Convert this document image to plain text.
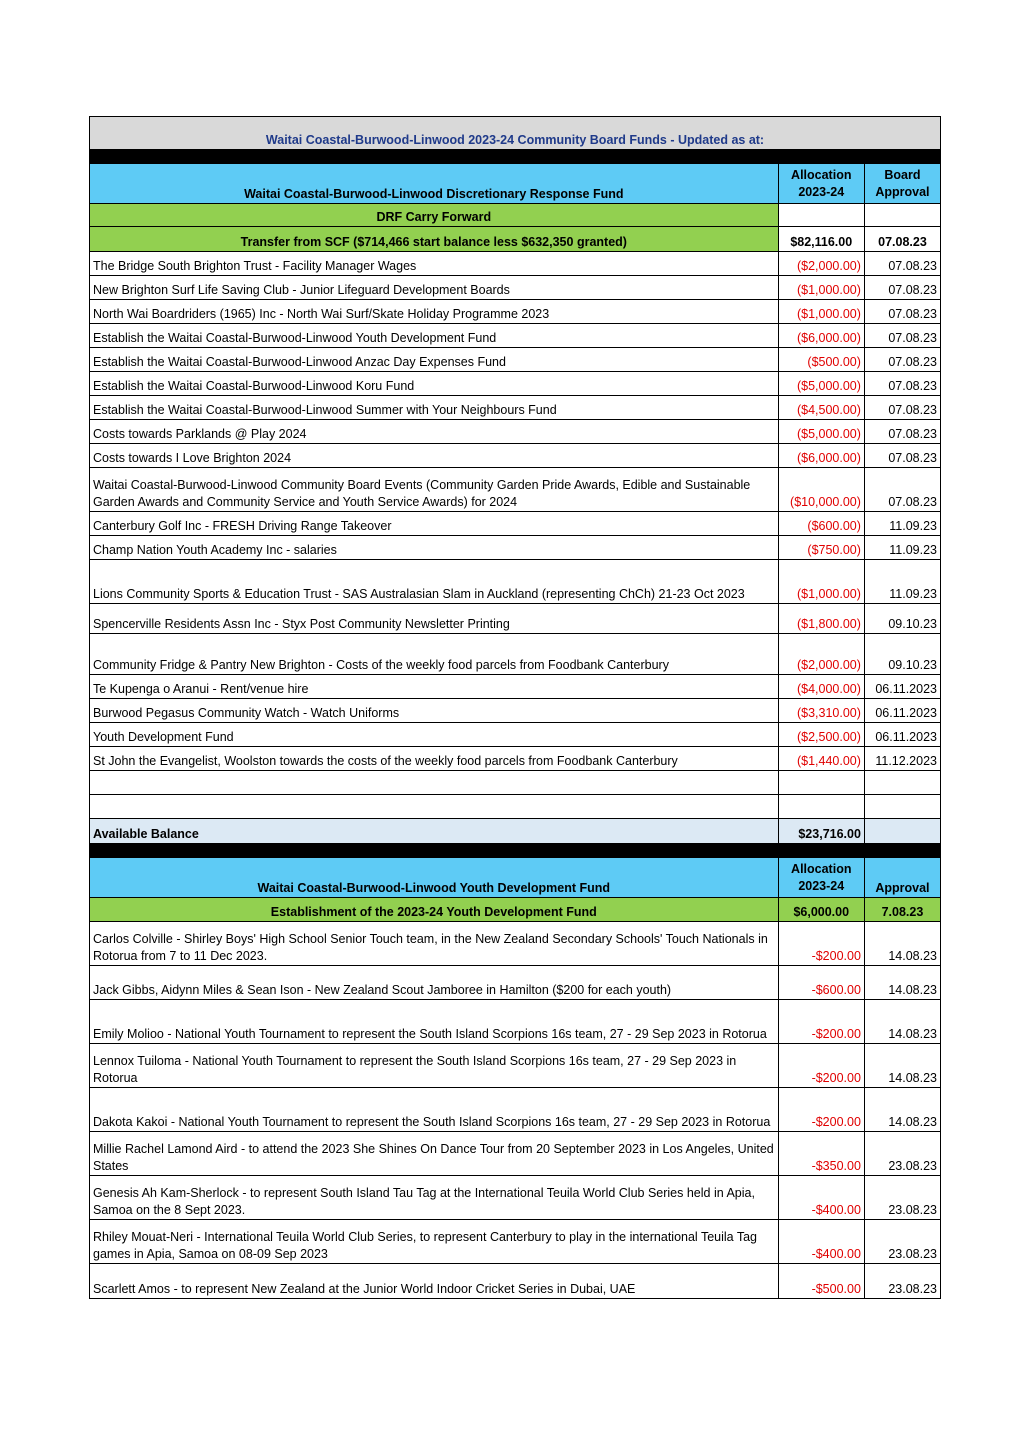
Waitai Coastal-Burwood-Linwood 2023-24 Community Board Funds - Updated as at:		

Waitai Coastal-Burwood-Linwood Discretionary Response Fund	Allocation 2023-24	Board Approval
DRF Carry Forward		
Transfer from SCF ($714,466 start balance less $632,350 granted)	$82,116.00	07.08.23
The Bridge South Brighton Trust - Facility Manager Wages	($2,000.00)	07.08.23
New Brighton Surf Life Saving Club - Junior Lifeguard Development Boards	($1,000.00)	07.08.23
North Wai Boardriders (1965) Inc - North Wai Surf/Skate Holiday Programme 2023	($1,000.00)	07.08.23
Establish the Waitai Coastal-Burwood-Linwood Youth Development Fund	($6,000.00)	07.08.23
Establish the Waitai Coastal-Burwood-Linwood Anzac Day Expenses Fund	($500.00)	07.08.23
Establish the Waitai Coastal-Burwood-Linwood Koru Fund	($5,000.00)	07.08.23
Establish the Waitai Coastal-Burwood-Linwood Summer with Your Neighbours Fund	($4,500.00)	07.08.23
Costs towards Parklands @ Play 2024	($5,000.00)	07.08.23
Costs towards I Love Brighton 2024	($6,000.00)	07.08.23
Waitai Coastal-Burwood-Linwood Community Board Events (Community Garden Pride Awards, Edible and Sustainable Garden Awards and Community Service and Youth Service Awards) for 2024	($10,000.00)	07.08.23
Canterbury Golf Inc - FRESH Driving Range Takeover	($600.00)	11.09.23
Champ Nation Youth Academy Inc - salaries	($750.00)	11.09.23
Lions Community Sports & Education Trust - SAS Australasian Slam in Auckland (representing ChCh) 21-23 Oct 2023	($1,000.00)	11.09.23
Spencerville Residents Assn Inc - Styx Post Community Newsletter Printing	($1,800.00)	09.10.23
Community Fridge & Pantry New Brighton - Costs of the weekly food parcels from Foodbank Canterbury	($2,000.00)	09.10.23
Te Kupenga o Aranui - Rent/venue hire	($4,000.00)	06.11.2023
Burwood Pegasus Community Watch - Watch Uniforms	($3,310.00)	06.11.2023
Youth Development Fund	($2,500.00)	06.11.2023
St John the Evangelist, Woolston towards the costs of the weekly food parcels from Foodbank Canterbury	($1,440.00)	11.12.2023

Available Balance	$23,716.00	

Waitai Coastal-Burwood-Linwood Youth Development Fund	Allocation 2023-24	Approval
Establishment of the 2023-24 Youth Development Fund	$6,000.00	7.08.23
Carlos Colville - Shirley Boys' High School Senior Touch team, in the New Zealand Secondary Schools' Touch Nationals in Rotorua from 7 to 11 Dec 2023.	-$200.00	14.08.23
Jack Gibbs, Aidynn Miles & Sean Ison - New Zealand Scout Jamboree in Hamilton ($200 for each youth)	-$600.00	14.08.23
Emily Molioo - National Youth Tournament to represent the South Island Scorpions 16s team, 27 - 29 Sep 2023 in Rotorua	-$200.00	14.08.23
Lennox Tuiloma - National Youth Tournament to represent the South Island Scorpions 16s team, 27 - 29 Sep 2023 in Rotorua	-$200.00	14.08.23
Dakota Kakoi - National Youth Tournament to represent the South Island Scorpions 16s team, 27 - 29 Sep 2023 in Rotorua	-$200.00	14.08.23
Millie Rachel Lamond Aird - to attend the 2023 She Shines On Dance Tour from 20 September 2023 in Los Angeles, United States	-$350.00	23.08.23
Genesis Ah Kam-Sherlock - to represent South Island Tau Tag at the International Teuila World Club Series held in Apia, Samoa on the 8 Sept 2023.	-$400.00	23.08.23
Rhiley Mouat-Neri - International Teuila World Club Series, to represent Canterbury to play in the international Teuila Tag games in Apia, Samoa on 08-09 Sep 2023	-$400.00	23.08.23
Scarlett Amos - to represent New Zealand at the Junior World Indoor Cricket Series in Dubai, UAE	-$500.00	23.08.23
